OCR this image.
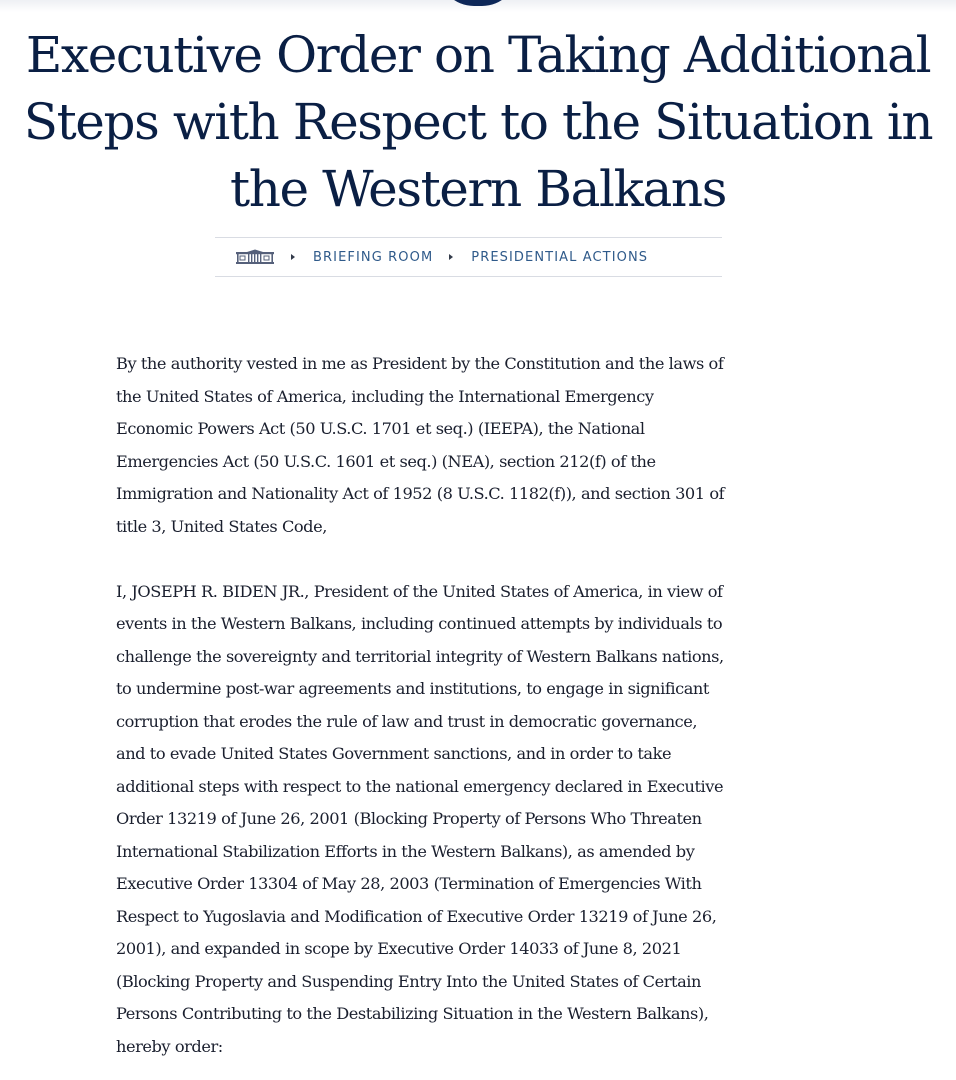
Executive Order on Taking Additional
Steps with Respect to the Situation in
the Western Balkans
BRIEFING ROOM	PRESIDENTIAL ACTIONS

By the authority vested in me as President by the Constitution and the laws of
the United States of America, including the International Emergency
Economic Powers Act (50 U.S.C. 1701 et seq.) (IEEPA), the National
Emergencies Act (50 U.S.C. 1601 et seq.) (NEA), section 212(f) of the
Immigration and Nationality Act of 1952 (8 U.S.C. 1182(f)), and section 301 of
title 3, United States Code,

I, JOSEPH R. BIDEN JR., President of the United States of America, in view of
events in the Western Balkans, including continued attempts by individuals to
challenge the sovereignty and territorial integrity of Western Balkans nations,
to undermine post-war agreements and institutions, to engage in significant
corruption that erodes the rule of law and trust in democratic governance,
and to evade United States Government sanctions, and in order to take
additional steps with respect to the national emergency declared in Executive
Order 13219 of June 26, 2001 (Blocking Property of Persons Who Threaten
International Stabilization Efforts in the Western Balkans), as amended by
Executive Order 13304 of May 28, 2003 (Termination of Emergencies With
Respect to Yugoslavia and Modification of Executive Order 13219 of June 26,
2001), and expanded in scope by Executive Order 14033 of June 8, 2021
(Blocking Property and Suspending Entry Into the United States of Certain
Persons Contributing to the Destabilizing Situation in the Western Balkans),
hereby order:
